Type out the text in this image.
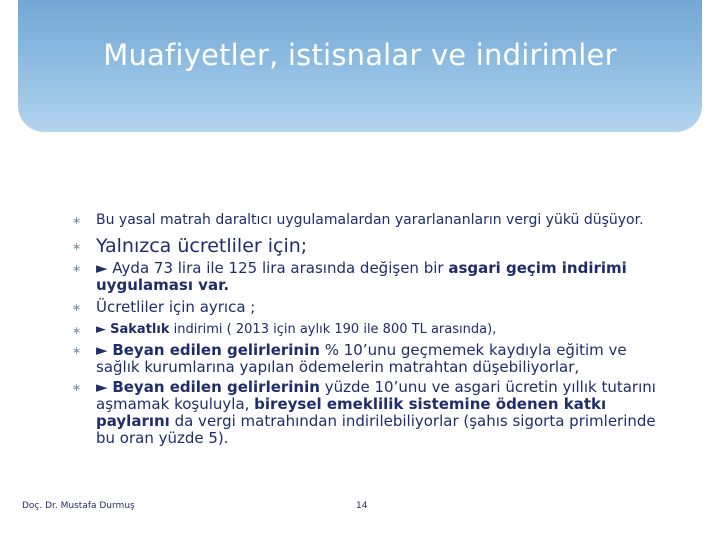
Muafiyetler, istisnalar ve indirimler
∗ Bu yasal matrah daraltıcı uygulamalardan yararlananların vergi yükü düşüyor.
∗ Yalnızca ücretliler için;
∗ ► Ayda 73 lira ile 125 lira arasında değişen bir asgari geçim indirimi uygulaması var.
∗ Ücretliler için ayrıca ;
∗ ► Sakatlık indirimi ( 2013 için aylık 190 ile 800 TL arasında),
∗ ► Beyan edilen gelirlerinin % 10’unu geçmemek kaydıyla eğitim ve sağlık kurumlarına yapılan ödemelerin matrahtan düşebiliyorlar,
∗ ► Beyan edilen gelirlerinin yüzde 10’unu ve asgari ücretin yıllık tutarını aşmamak koşuluyla, bireysel emeklilik sistemine ödenen katkı paylarını da vergi matrahından indirilebiliyorlar (şahıs sigorta primlerinde bu oran yüzde 5).
Doç. Dr. Mustafa Durmuş	14
